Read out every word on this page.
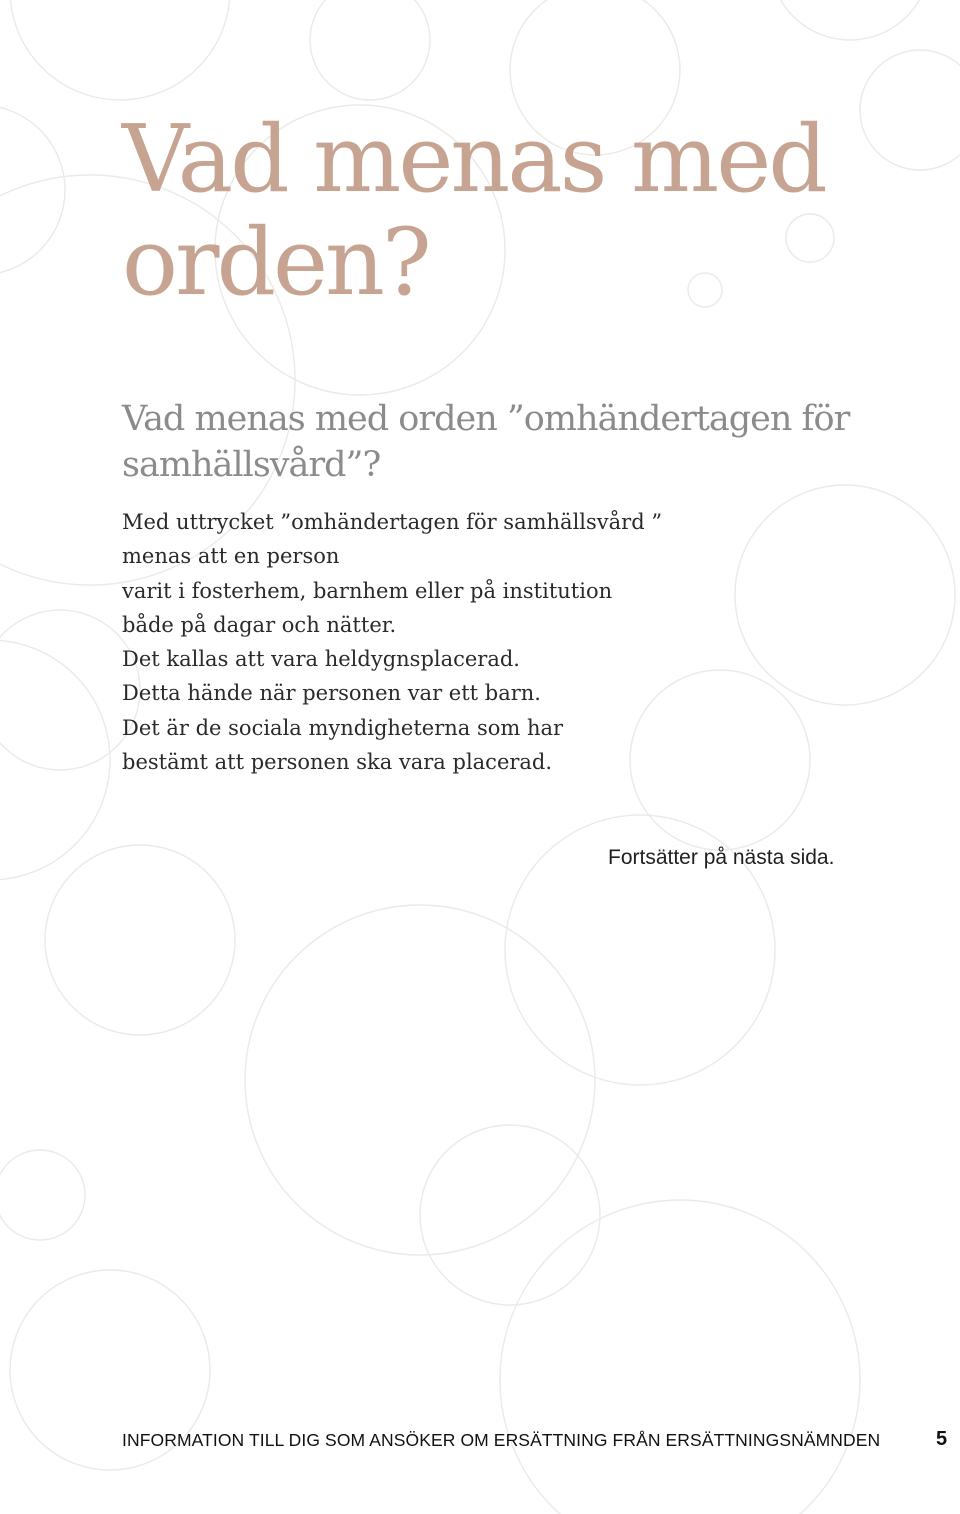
Vad menas med orden?
Vad menas med orden ”omhändertagen för samhällsvård”?
Med uttrycket ”omhändertagen för samhällsvård ”
menas att en person
varit i fosterhem, barnhem eller på institution
både på dagar och nätter.
Det kallas att vara heldygnsplacerad.
Detta hände när personen var ett barn.
Det är de sociala myndigheterna som har
bestämt att personen ska vara placerad.
Fortsätter på nästa sida.
INFORMATION TILL DIG SOM ANSÖKER OM ERSÄTTNING FRÅN ERSÄTTNINGSNÄMNDEN	5
